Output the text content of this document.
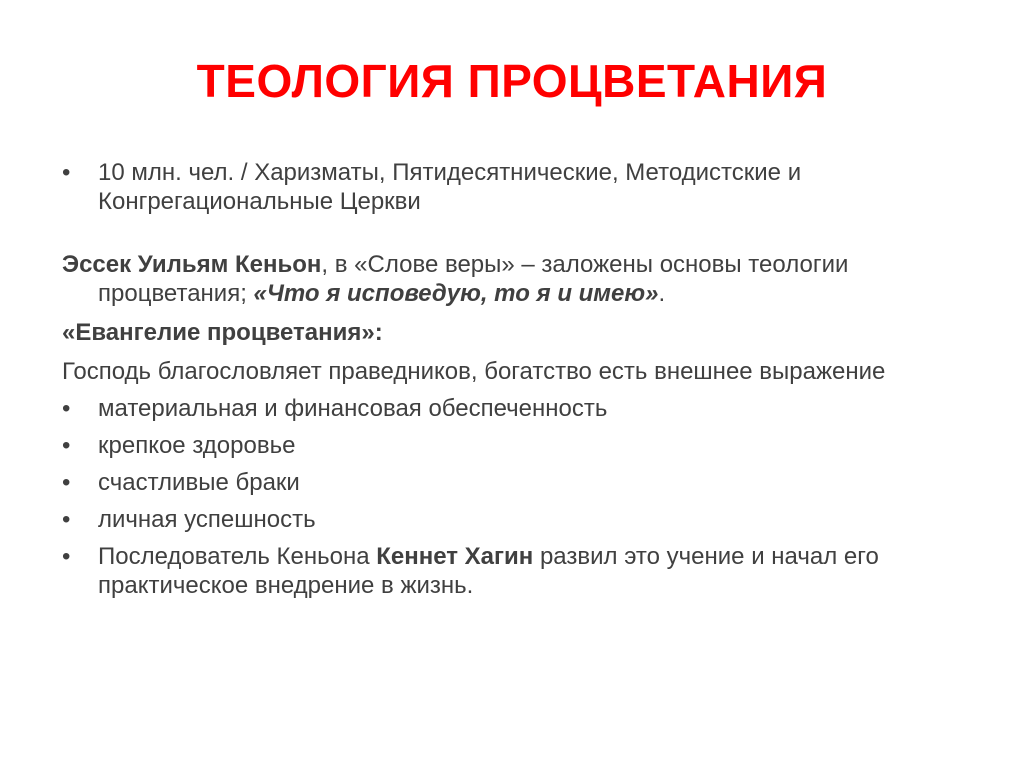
ТЕОЛОГИЯ ПРОЦВЕТАНИЯ
• 10 млн. чел. / Харизматы, Пятидесятнические, Методистские и Конгрегациональные Церкви
Эссек Уильям Кеньон, в «Слове веры» – заложены основы теологии процветания; «Что я исповедую, то я и имею».
«Евангелие процветания»:
Господь благословляет праведников, богатство есть внешнее выражение
• материальная и финансовая обеспеченность
• крепкое здоровье
• счастливые браки
• личная успешность
• Последователь Кеньона Кеннет Хагин развил это учение и начал его практическое внедрение в жизнь.
